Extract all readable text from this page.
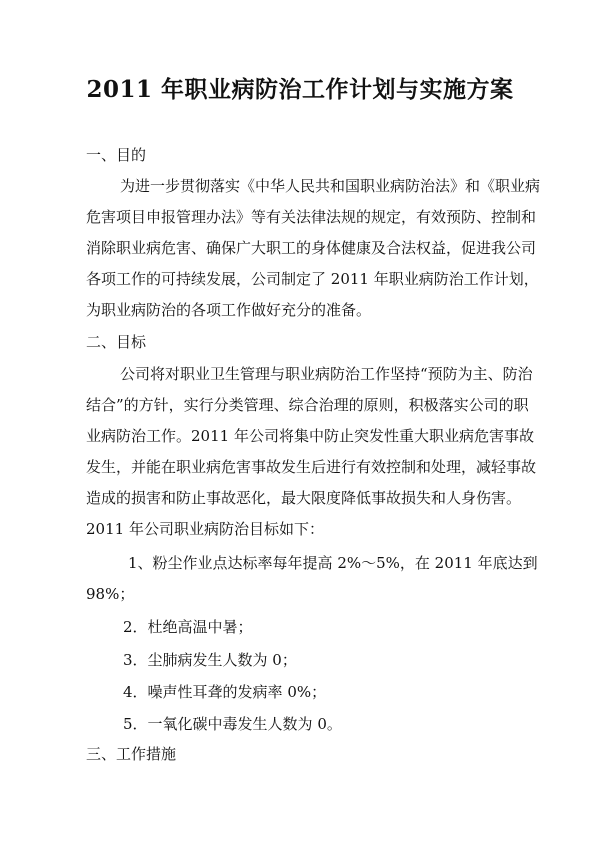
2011 年职业病防治工作计划与实施方案
一、目的
为进一步贯彻落实《中华人民共和国职业病防治法》和《职业病
危害项目申报管理办法》等有关法律法规的规定，有效预防、控制和
消除职业病危害、确保广大职工的身体健康及合法权益，促进我公司
各项工作的可持续发展，公司制定了 2011 年职业病防治工作计划，
为职业病防治的各项工作做好充分的准备。
二、目标
公司将对职业卫生管理与职业病防治工作坚持“预防为主、防治
结合”的方针，实行分类管理、综合治理的原则，积极落实公司的职
业病防治工作。2011 年公司将集中防止突发性重大职业病危害事故
发生，并能在职业病危害事故发生后进行有效控制和处理，减轻事故
造成的损害和防止事故恶化，最大限度降低事故损失和人身伤害。
2011 年公司职业病防治目标如下：
1、粉尘作业点达标率每年提高 2%～5%，在 2011 年底达到
98%；
2．杜绝高温中暑；
3．尘肺病发生人数为 0；
4．噪声性耳聋的发病率 0%；
5．一氧化碳中毒发生人数为 0。
三、工作措施
